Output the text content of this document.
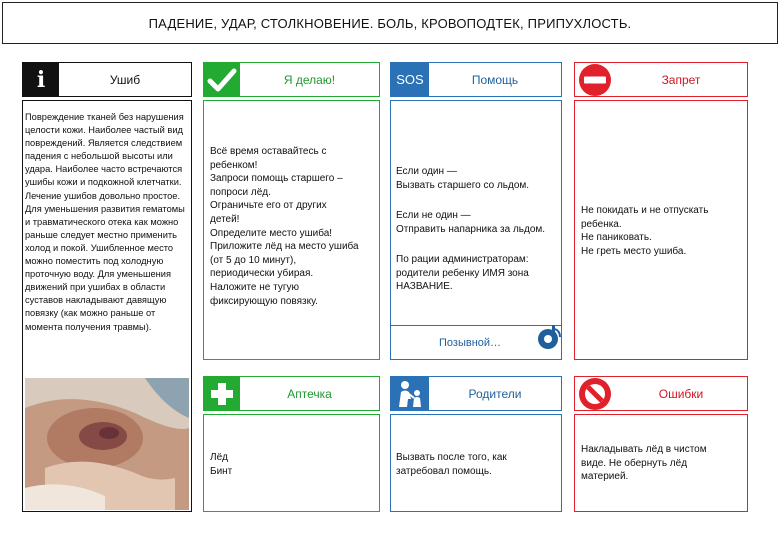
ПАДЕНИЕ, УДАР, СТОЛКНОВЕНИЕ. БОЛЬ, КРОВОПОДТЕК, ПРИПУХЛОСТЬ.
i	Ушиб
Повреждение тканей без нарушения целости кожи. Наиболее частый вид повреждений. Является следствием падения с небольшой высоты или удара. Наиболее часто встречаются ушибы кожи и подкожной клетчатки. Лечение ушибов довольно простое. Для уменьшения развития гематомы и травматического отека как можно раньше следует местно применить холод и покой. Ушибленное место можно поместить под холодную проточную воду. Для уменьшения движений при ушибах в области суставов накладывают давящую повязку (как можно раньше от момента получения травмы).
Я делаю!
Всё время оставайтесь с
ребенком!
Запроси помощь старшего –
попроси лёд.
Ограничьте его от других
детей!
Определите место ушиба!
Приложите лёд на место ушиба
(от 5 до 10 минут),
периодически убирая.
Наложите не тугую
фиксирующую повязку.
SOS	Помощь
Если один —
Вызвать старшего со льдом.
Если не один —
Отправить напарника за льдом.
По рации администраторам:
родители ребенку ИМЯ зона
НАЗВАНИЕ.
Позывной…
Запрет
Не покидать и не отпускать
ребенка.
Не паниковать.
Не греть место ушиба.
Аптечка
Лёд
Бинт
Родители
Вызвать после того, как
затребовал помощь.
Ошибки
Накладывать лёд в чистом
виде. Не обернуть лёд
материей.
